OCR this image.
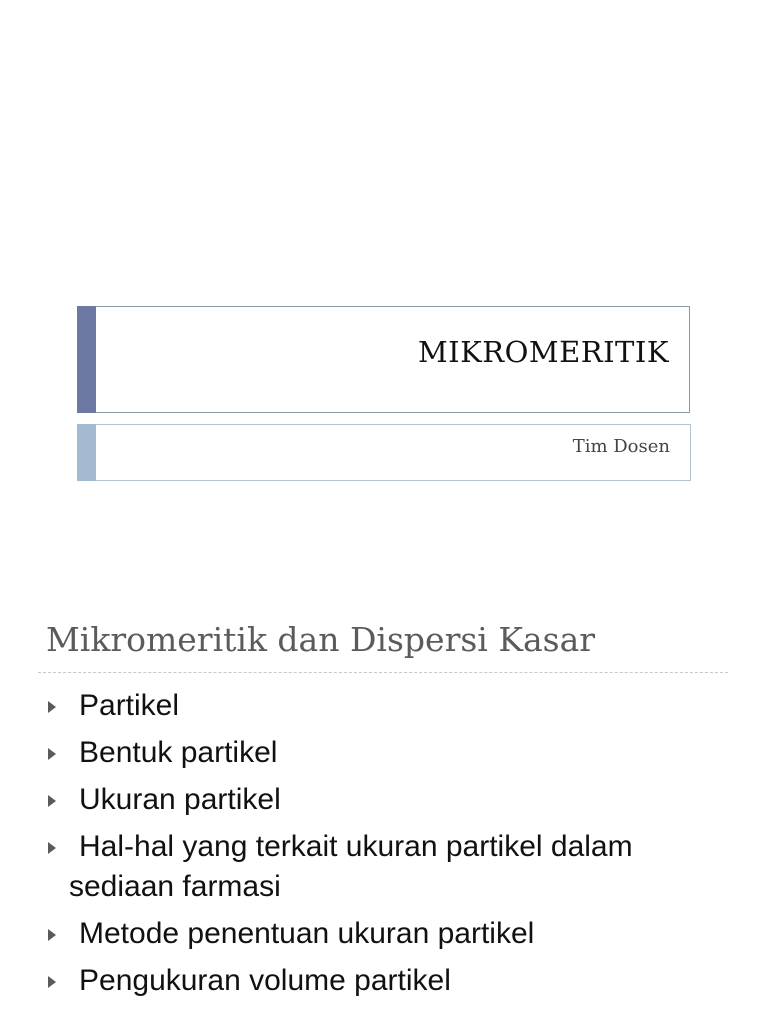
MIKROMERITIK
Tim Dosen
Mikromeritik dan Dispersi Kasar
Partikel
Bentuk partikel
Ukuran partikel
Hal-hal yang terkait ukuran partikel dalam
sediaan farmasi
Metode penentuan ukuran partikel
Pengukuran volume partikel
